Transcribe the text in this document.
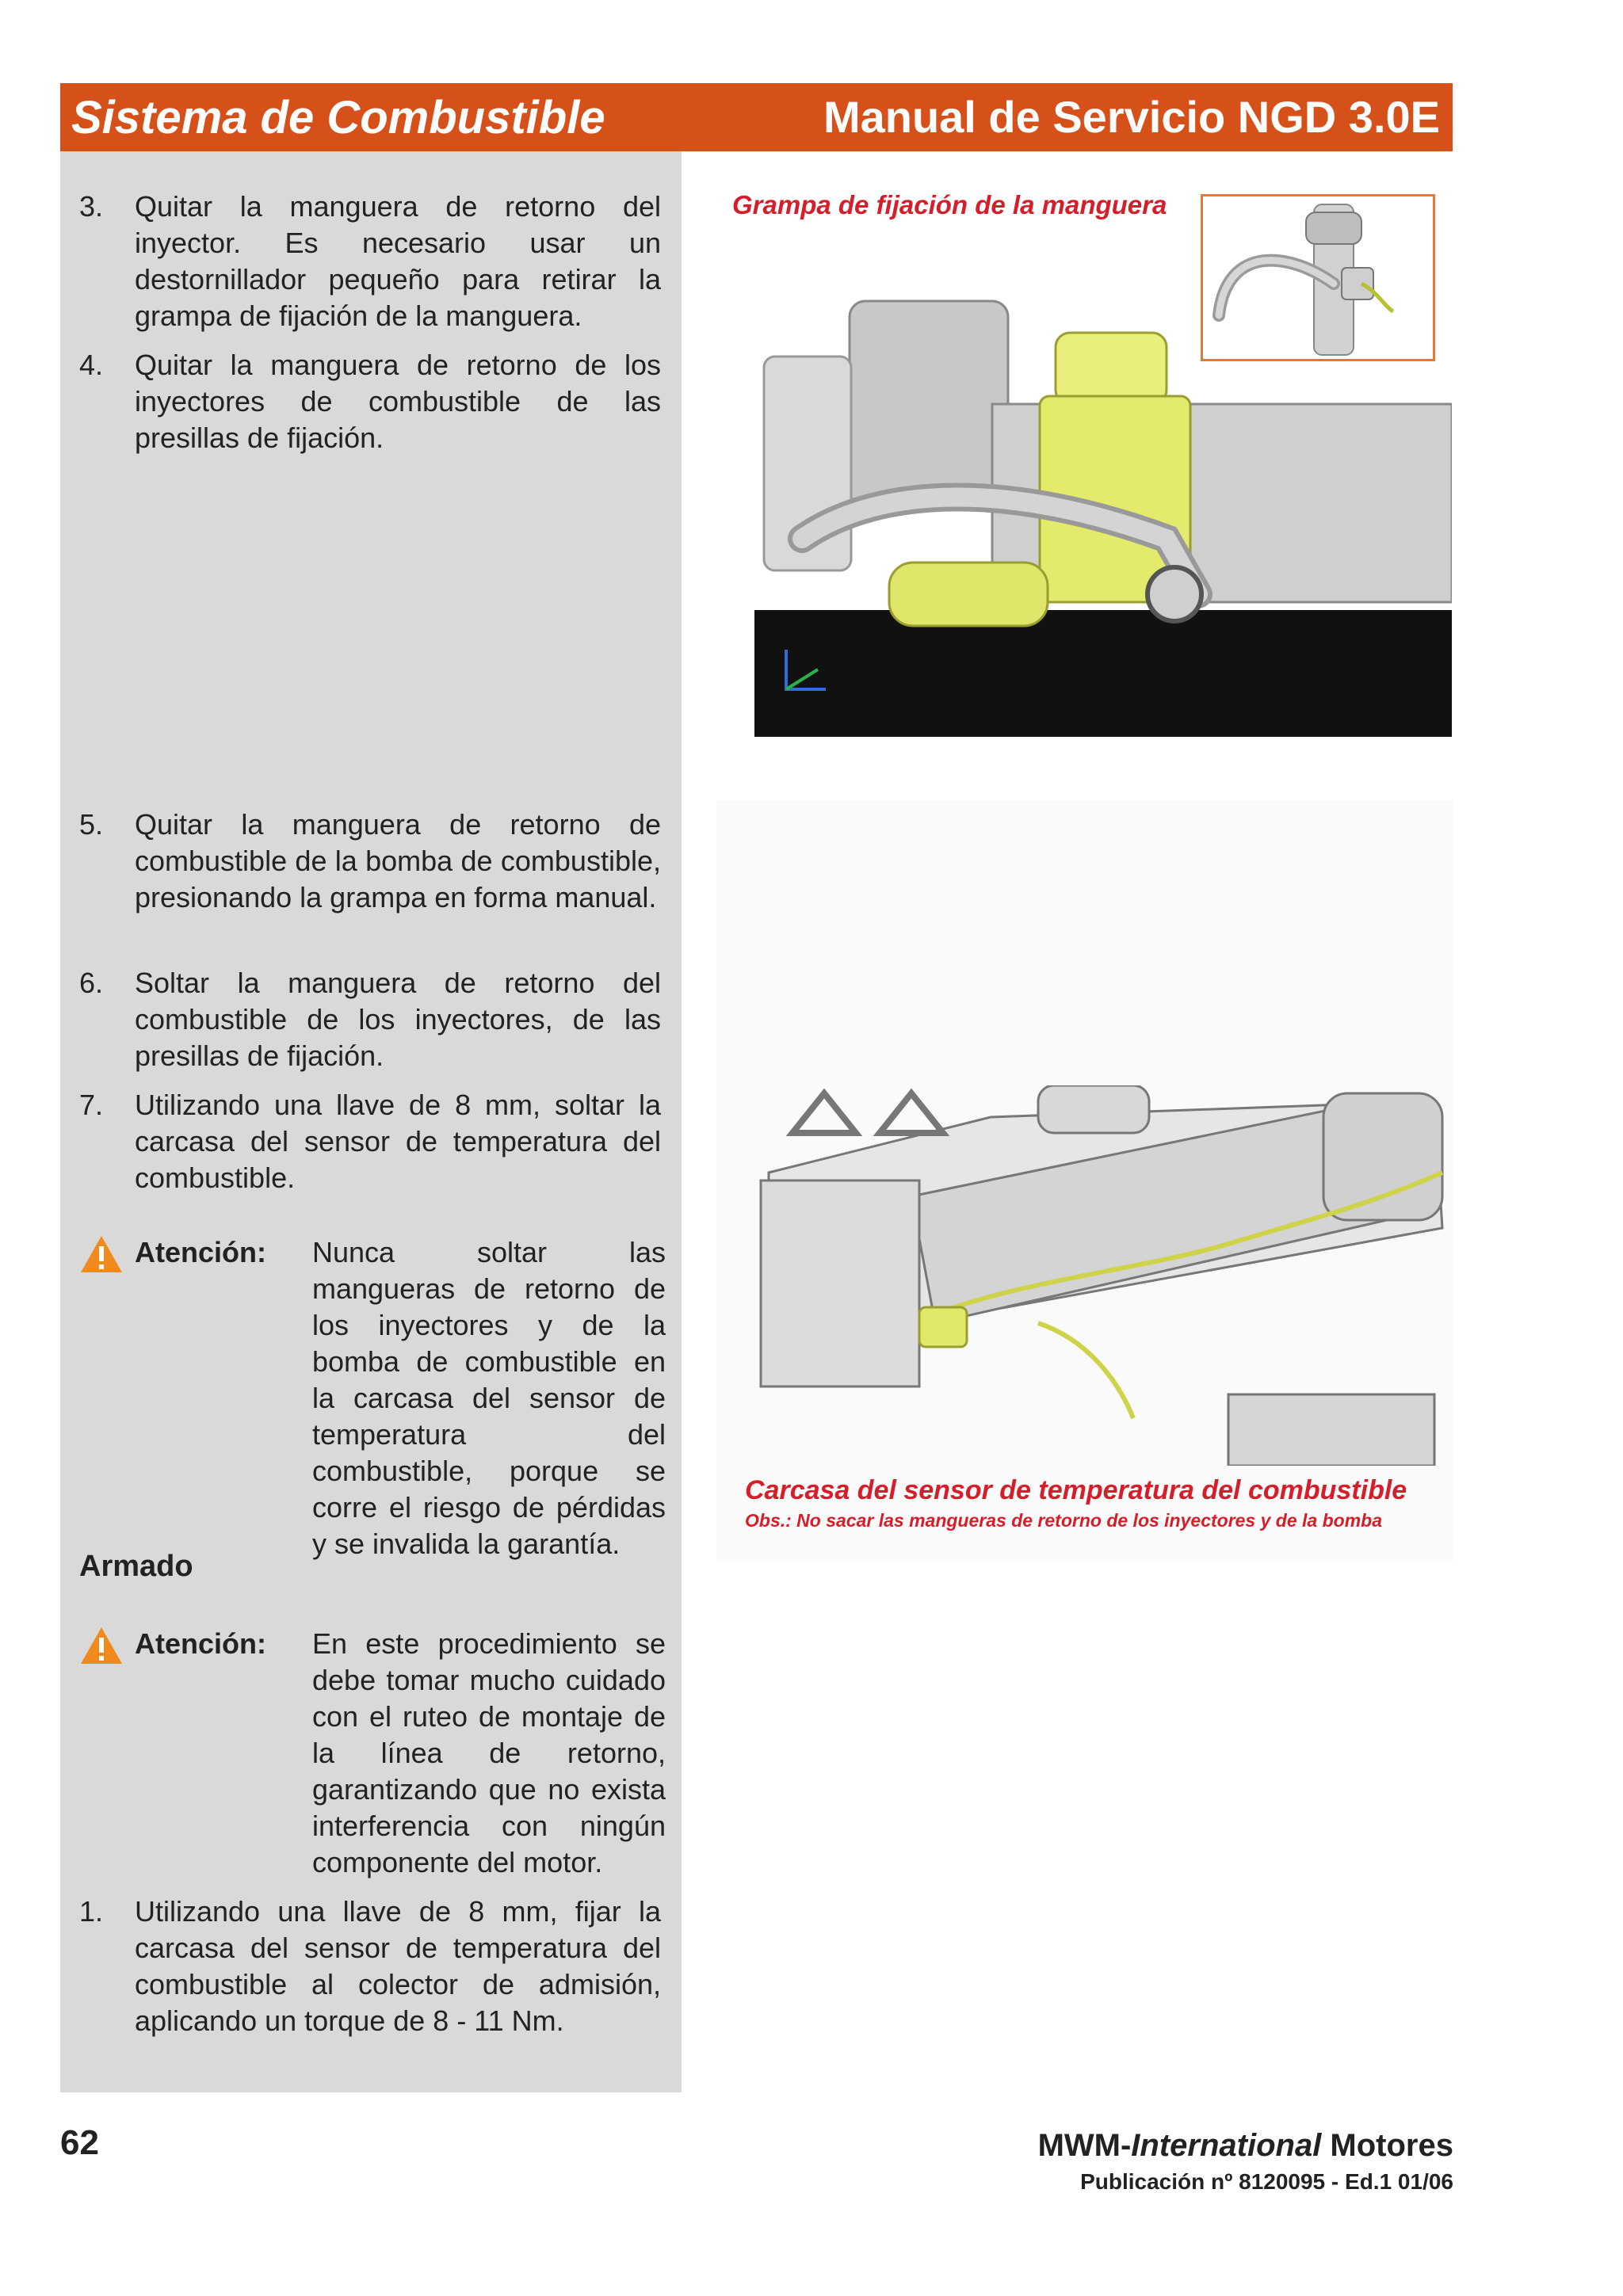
Sistema de Combustible	Manual de Servicio NGD 3.0E
3. Quitar la manguera de retorno del inyector. Es necesario usar un destornillador pequeño para retirar la grampa de fijación de la manguera.
4. Quitar la manguera de retorno de los inyectores de combustible de las presillas de fijación.
5. Quitar la manguera de retorno de combustible de la bomba de combustible, presionando la grampa en forma manual.
6. Soltar la manguera de retorno del combustible de los inyectores, de las presillas de fijación.
7. Utilizando una llave de 8 mm, soltar la carcasa del sensor de temperatura del combustible.
Atención: Nunca soltar las mangueras de retorno de los inyectores y de la bomba de combustible en la carcasa del sensor de temperatura del combustible, porque se corre el riesgo de pérdidas y se invalida la garantía.
Armado
Atención: En este procedimiento se debe tomar mucho cuidado con el ruteo de montaje de la línea de retorno, garantizando que no exista interferencia con ningún componente del motor.
1. Utilizando una llave de 8 mm, fijar la carcasa del sensor de temperatura del combustible al colector de admisión, aplicando un torque de 8 - 11 Nm.
Grampa de fijación de la manguera
Carcasa del sensor de temperatura del combustible
Obs.: No sacar las mangueras de retorno de los inyectores y de la bomba
62	MWM-International Motores
Publicación nº 8120095 - Ed.1 01/06
